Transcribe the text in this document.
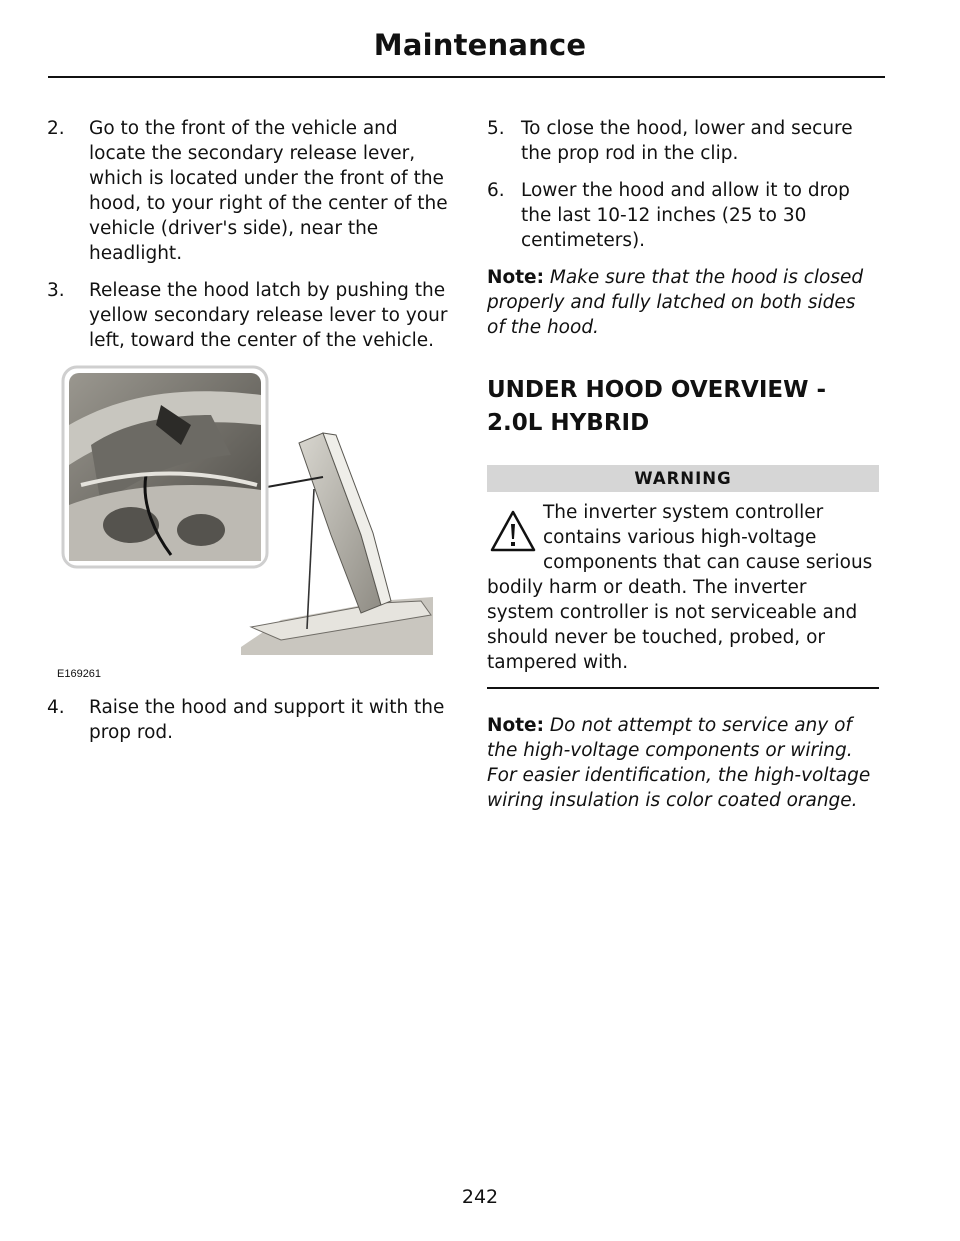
Maintenance
2.	Go to the front of the vehicle and locate the secondary release lever, which is located under the front of the hood, to your right of the center of the vehicle (driver's side), near the headlight.
3.	Release the hood latch by pushing the yellow secondary release lever to your left, toward the center of the vehicle.
E169261
4.	Raise the hood and support it with the prop rod.
5. To close the hood, lower and secure the prop rod in the clip.
6. Lower the hood and allow it to drop the last 10-12 inches (25 to 30 centimeters).
Note: Make sure that the hood is closed properly and fully latched on both sides of the hood.
UNDER HOOD OVERVIEW - 2.0L HYBRID
WARNING
The inverter system controller contains various high-voltage components that can cause serious bodily harm or death. The inverter system controller is not serviceable and should never be touched, probed, or tampered with.
Note: Do not attempt to service any of the high-voltage components or wiring. For easier identification, the high-voltage wiring insulation is color coated orange.
242
